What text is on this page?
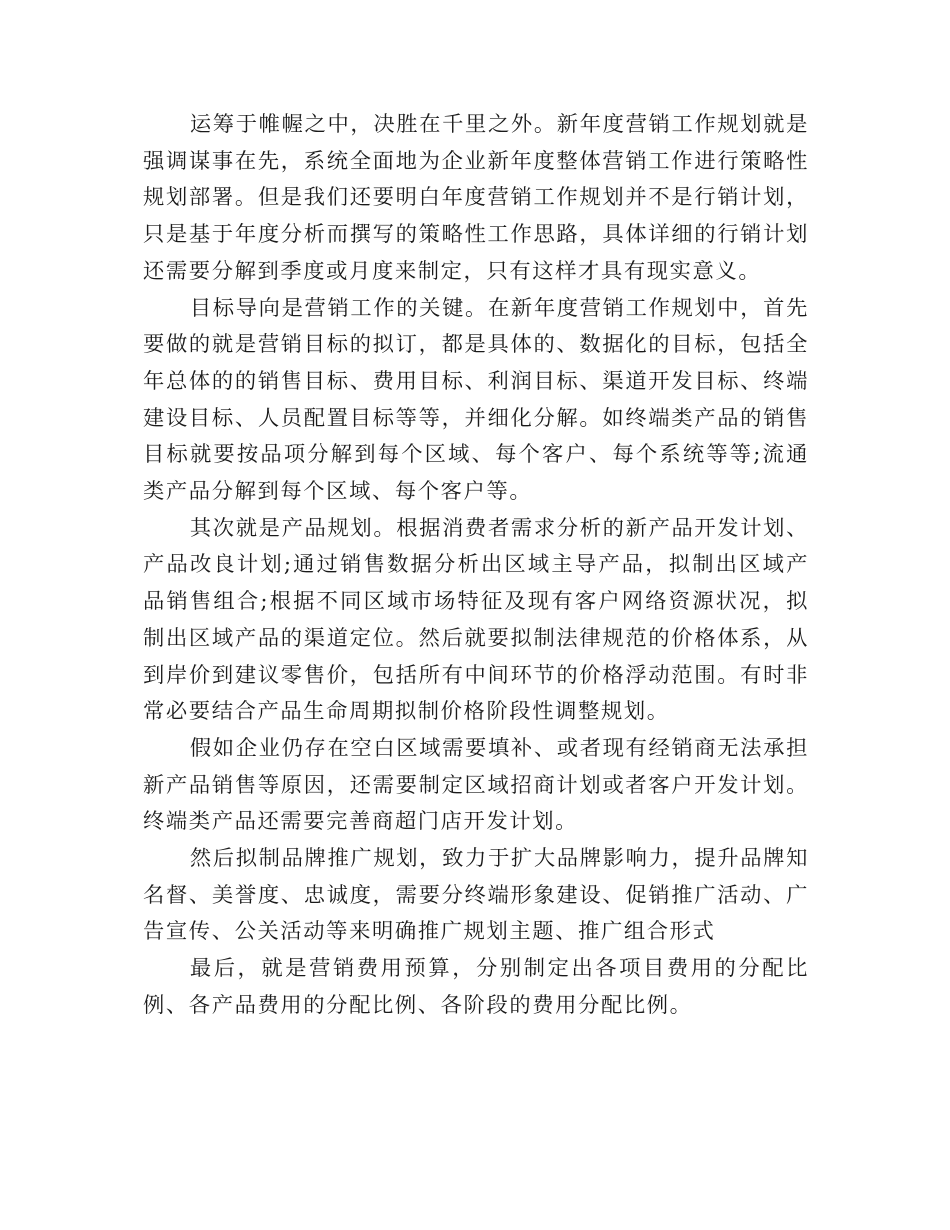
运筹于帷幄之中，决胜在千里之外。新年度营销工作规划就是强调谋事在先，系统全面地为企业新年度整体营销工作进行策略性规划部署。但是我们还要明白年度营销工作规划并不是行销计划，只是基于年度分析而撰写的策略性工作思路，具体详细的行销计划还需要分解到季度或月度来制定，只有这样才具有现实意义。

目标导向是营销工作的关键。在新年度营销工作规划中，首先要做的就是营销目标的拟订，都是具体的、数据化的目标，包括全年总体的的销售目标、费用目标、利润目标、渠道开发目标、终端建设目标、人员配置目标等等，并细化分解。如终端类产品的销售目标就要按品项分解到每个区域、每个客户、每个系统等等;流通类产品分解到每个区域、每个客户等。

其次就是产品规划。根据消费者需求分析的新产品开发计划、产品改良计划;通过销售数据分析出区域主导产品，拟制出区域产品销售组合;根据不同区域市场特征及现有客户网络资源状况，拟制出区域产品的渠道定位。然后就要拟制法律规范的价格体系，从到岸价到建议零售价，包括所有中间环节的价格浮动范围。有时非常必要结合产品生命周期拟制价格阶段性调整规划。

假如企业仍存在空白区域需要填补、或者现有经销商无法承担新产品销售等原因，还需要制定区域招商计划或者客户开发计划。终端类产品还需要完善商超门店开发计划。

然后拟制品牌推广规划，致力于扩大品牌影响力，提升品牌知名督、美誉度、忠诚度，需要分终端形象建设、促销推广活动、广告宣传、公关活动等来明确推广规划主题、推广组合形式

最后，就是营销费用预算，分别制定出各项目费用的分配比例、各产品费用的分配比例、各阶段的费用分配比例。
